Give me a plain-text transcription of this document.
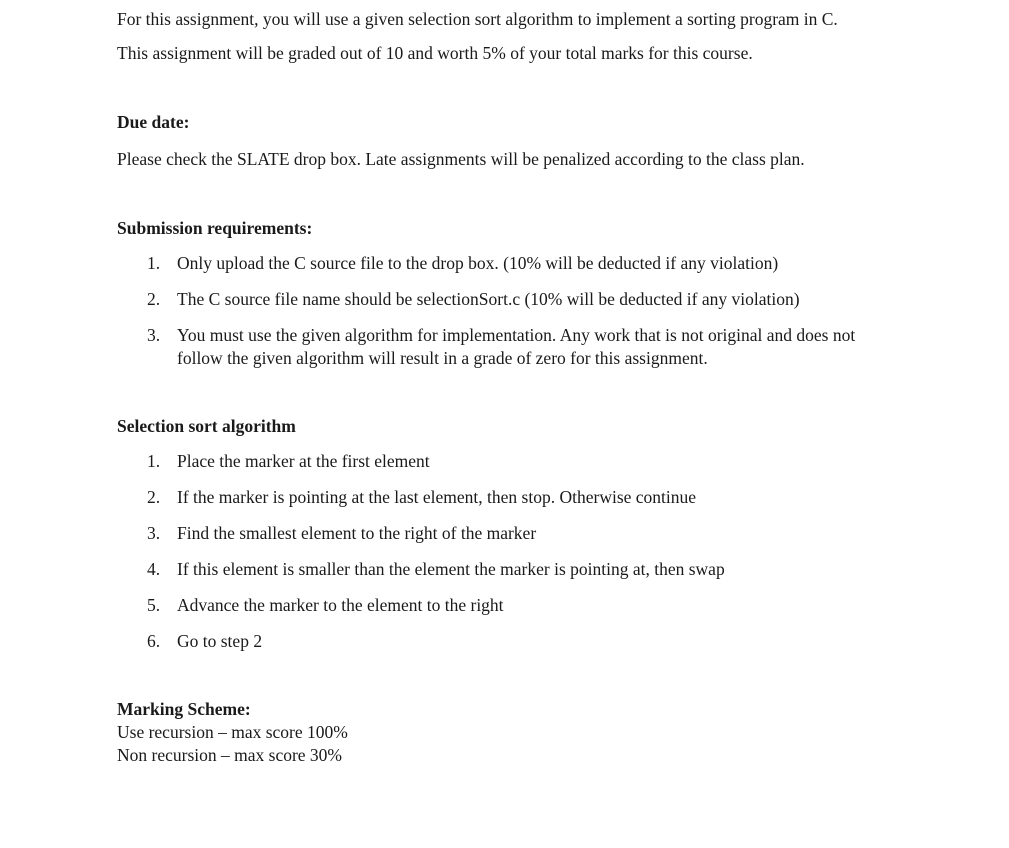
For this assignment, you will use a given selection sort algorithm to implement a sorting program in C.

This assignment will be graded out of 10 and worth 5% of your total marks for this course.

Due date:

Please check the SLATE drop box. Late assignments will be penalized according to the class plan.

Submission requirements:

1. Only upload the C source file to the drop box. (10% will be deducted if any violation)
2. The C source file name should be selectionSort.c (10% will be deducted if any violation)
3. You must use the given algorithm for implementation. Any work that is not original and does not follow the given algorithm will result in a grade of zero for this assignment.

Selection sort algorithm

1. Place the marker at the first element
2. If the marker is pointing at the last element, then stop. Otherwise continue
3. Find the smallest element to the right of the marker
4. If this element is smaller than the element the marker is pointing at, then swap
5. Advance the marker to the element to the right
6. Go to step 2

Marking Scheme:

Use recursion – max score 100%

Non recursion – max score 30%
